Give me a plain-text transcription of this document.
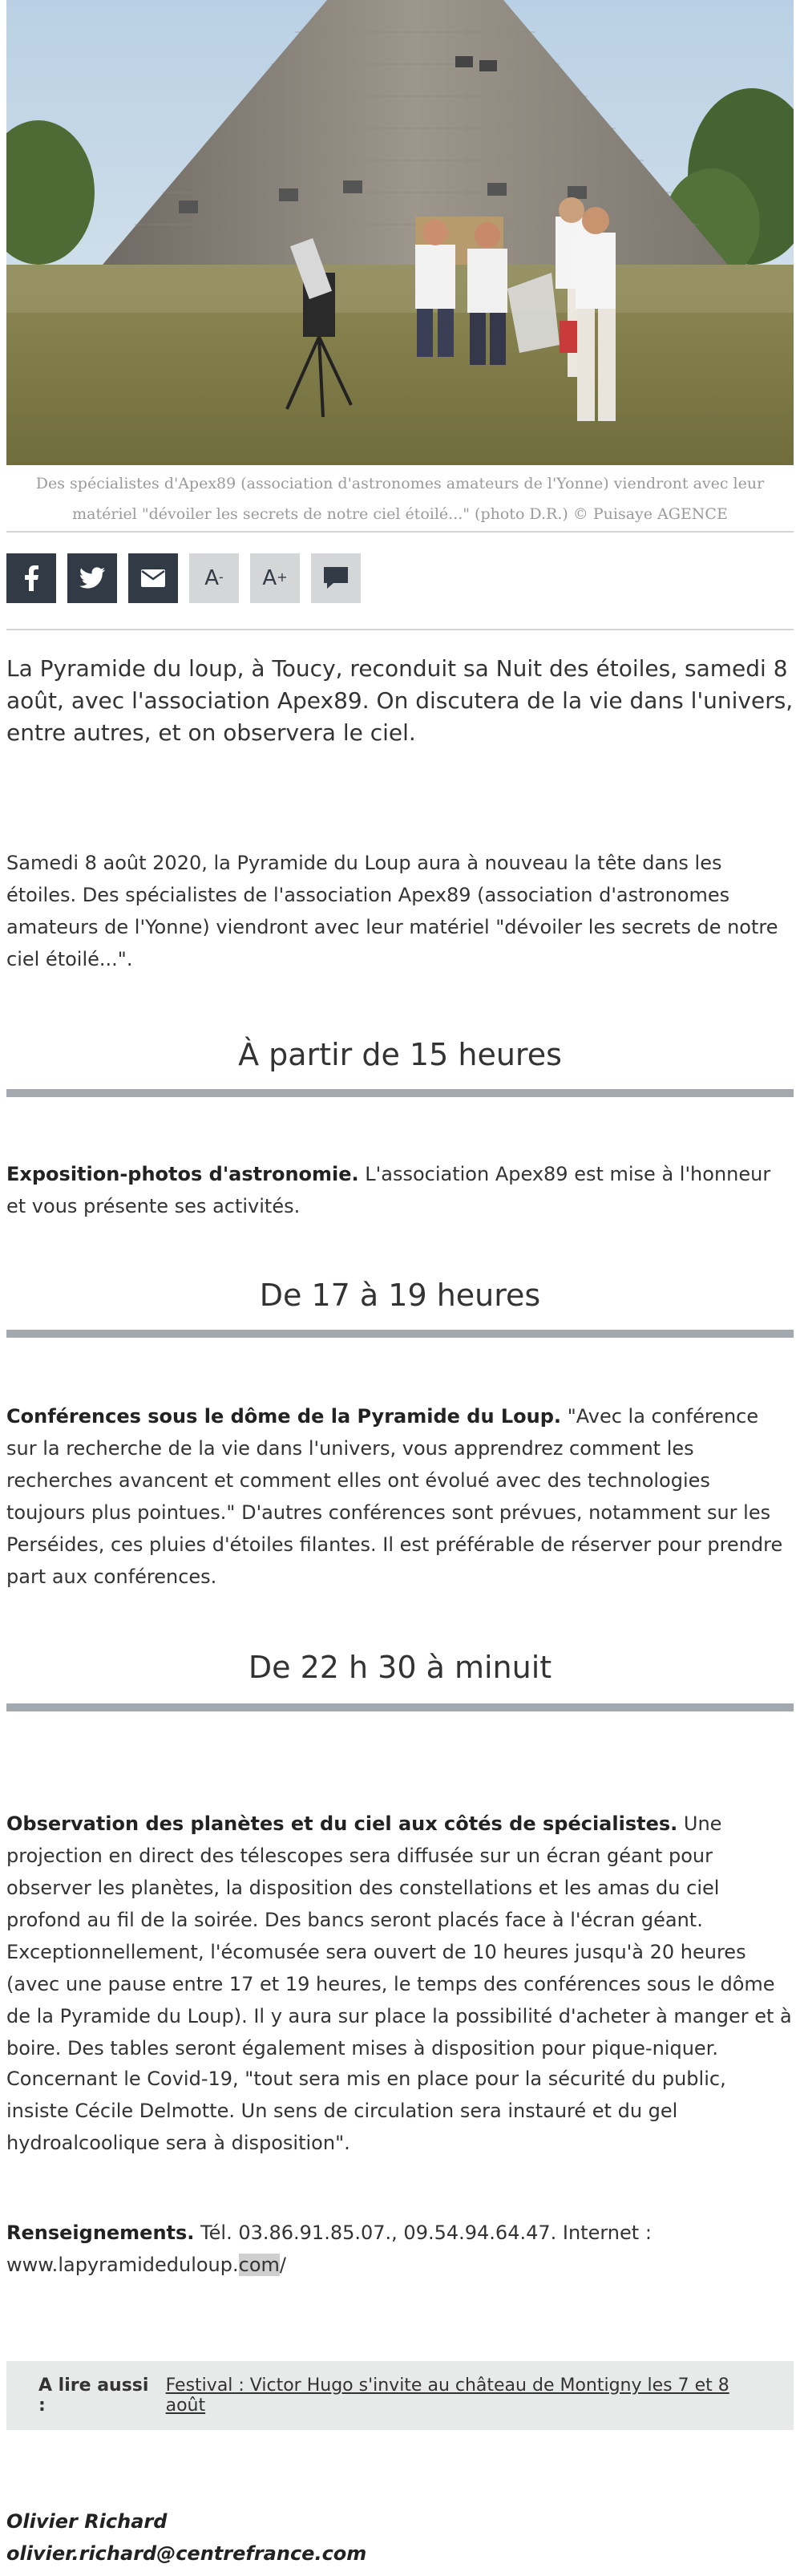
Des spécialistes d'Apex89 (association d'astronomes amateurs de l'Yonne) viendront avec leur matériel "dévoiler les secrets de notre ciel étoilé..." (photo D.R.) © Puisaye AGENCE
A- A+
La Pyramide du loup, à Toucy, reconduit sa Nuit des étoiles, samedi 8 août, avec l'association Apex89. On discutera de la vie dans l'univers, entre autres, et on observera le ciel.
Samedi 8 août 2020, la Pyramide du Loup aura à nouveau la tête dans les étoiles. Des spécialistes de l'association Apex89 (association d'astronomes amateurs de l'Yonne) viendront avec leur matériel "dévoiler les secrets de notre ciel étoilé...".
À partir de 15 heures
Exposition-photos d'astronomie. L'association Apex89 est mise à l'honneur et vous présente ses activités.
De 17 à 19 heures
Conférences sous le dôme de la Pyramide du Loup. "Avec la conférence sur la recherche de la vie dans l'univers, vous apprendrez comment les recherches avancent et comment elles ont évolué avec des technologies toujours plus pointues." D'autres conférences sont prévues, notamment sur les Perséides, ces pluies d'étoiles filantes. Il est préférable de réserver pour prendre part aux conférences.
De 22 h 30 à minuit
Observation des planètes et du ciel aux côtés de spécialistes. Une projection en direct des télescopes sera diffusée sur un écran géant pour observer les planètes, la disposition des constellations et les amas du ciel profond au fil de la soirée. Des bancs seront placés face à l'écran géant.
Exceptionnellement, l'écomusée sera ouvert de 10 heures jusqu'à 20 heures (avec une pause entre 17 et 19 heures, le temps des conférences sous le dôme de la Pyramide du Loup). Il y aura sur place la possibilité d'acheter à manger et à boire. Des tables seront également mises à disposition pour pique-niquer.
Concernant le Covid-19, "tout sera mis en place pour la sécurité du public, insiste Cécile Delmotte. Un sens de circulation sera instauré et du gel hydroalcoolique sera à disposition".
Renseignements. Tél. 03.86.91.85.07., 09.54.94.64.47. Internet :
www.lapyramideduloup.com/
A lire aussi :
Festival : Victor Hugo s'invite au château de Montigny les 7 et 8 août
Olivier Richard
olivier.richard@centrefrance.com
